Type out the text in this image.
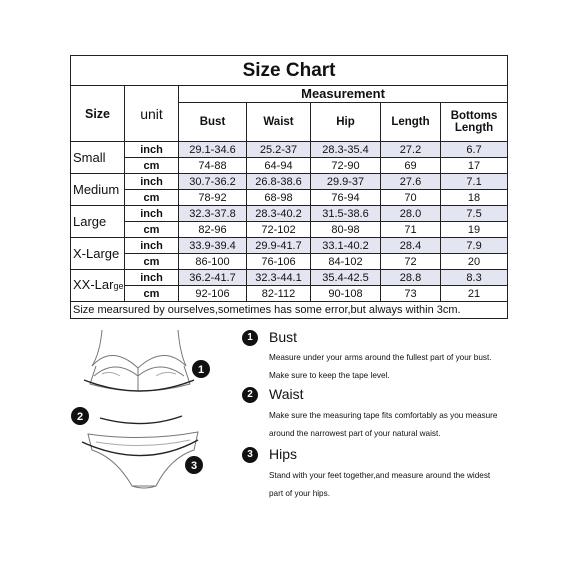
Size Chart						
Size	unit	Measurement				
		Bust	Waist	Hip	Length	Bottoms Length
Small	inch	29.1-34.6	25.2-37	28.3-35.4	27.2	6.7
	cm	74-88	64-94	72-90	69	17
Medium	inch	30.7-36.2	26.8-38.6	29.9-37	27.6	7.1
	cm	78-92	68-98	76-94	70	18
Large	inch	32.3-37.8	28.3-40.2	31.5-38.6	28.0	7.5
	cm	82-96	72-102	80-98	71	19
X-Large	inch	33.9-39.4	29.9-41.7	33.1-40.2	28.4	7.9
	cm	86-100	76-106	84-102	72	20
XX-Large	inch	36.2-41.7	32.3-44.1	35.4-42.5	28.8	8.3
	cm	92-106	82-112	90-108	73	21
Size mearsured by ourselves,sometimes has some error,but always within 3cm.						
1
2
3
1	Bust
Measure under your arms around the fullest part of your bust.
Make sure to keep the tape level.
2	Waist
Make sure the measuring tape fits comfortably as you measure
around the narrowest part of your natural waist.
3	Hips
Stand with your feet together,and measure around the widest
part of your hips.
